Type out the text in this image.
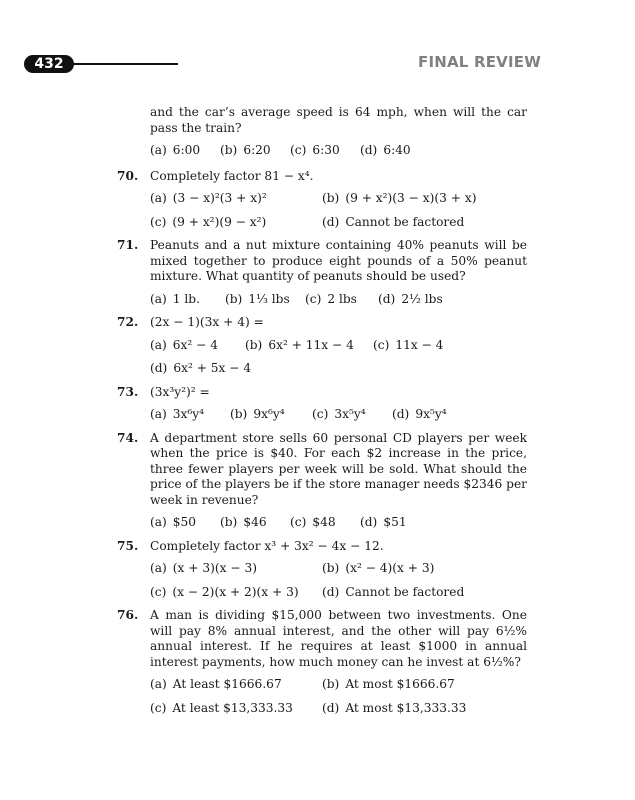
432	FINAL REVIEW
and the car’s average speed is 64 mph, when will the car pass the train?
(a) 6:00	(b) 6:20	(c) 6:30	(d) 6:40
70. Completely factor 81 − x⁴.
(a) (3 − x)²(3 + x)²	(b) (9 + x²)(3 − x)(3 + x)
(c) (9 + x²)(9 − x²)	(d) Cannot be factored
71. Peanuts and a nut mixture containing 40% peanuts will be mixed together to produce eight pounds of a 50% peanut mixture. What quantity of peanuts should be used?
(a) 1 lb.	(b) 1⅓ lbs	(c) 2 lbs	(d) 2½ lbs
72. (2x − 1)(3x + 4) =
(a) 6x² − 4	(b) 6x² + 11x − 4	(c) 11x − 4
(d) 6x² + 5x − 4
73. (3x³y²)² =
(a) 3x⁶y⁴	(b) 9x⁶y⁴	(c) 3x⁵y⁴	(d) 9x⁵y⁴
74. A department store sells 60 personal CD players per week when the price is $40. For each $2 increase in the price, three fewer players per week will be sold. What should the price of the players be if the store manager needs $2346 per week in revenue?
(a) $50	(b) $46	(c) $48	(d) $51
75. Completely factor x³ + 3x² − 4x − 12.
(a) (x + 3)(x − 3)	(b) (x² − 4)(x + 3)
(c) (x − 2)(x + 2)(x + 3)	(d) Cannot be factored
76. A man is dividing $15,000 between two investments. One will pay 8% annual interest, and the other will pay 6½% annual interest. If he requires at least $1000 in annual interest payments, how much money can he invest at 6½%?
(a) At least $1666.67	(b) At most $1666.67
(c) At least $13,333.33	(d) At most $13,333.33
